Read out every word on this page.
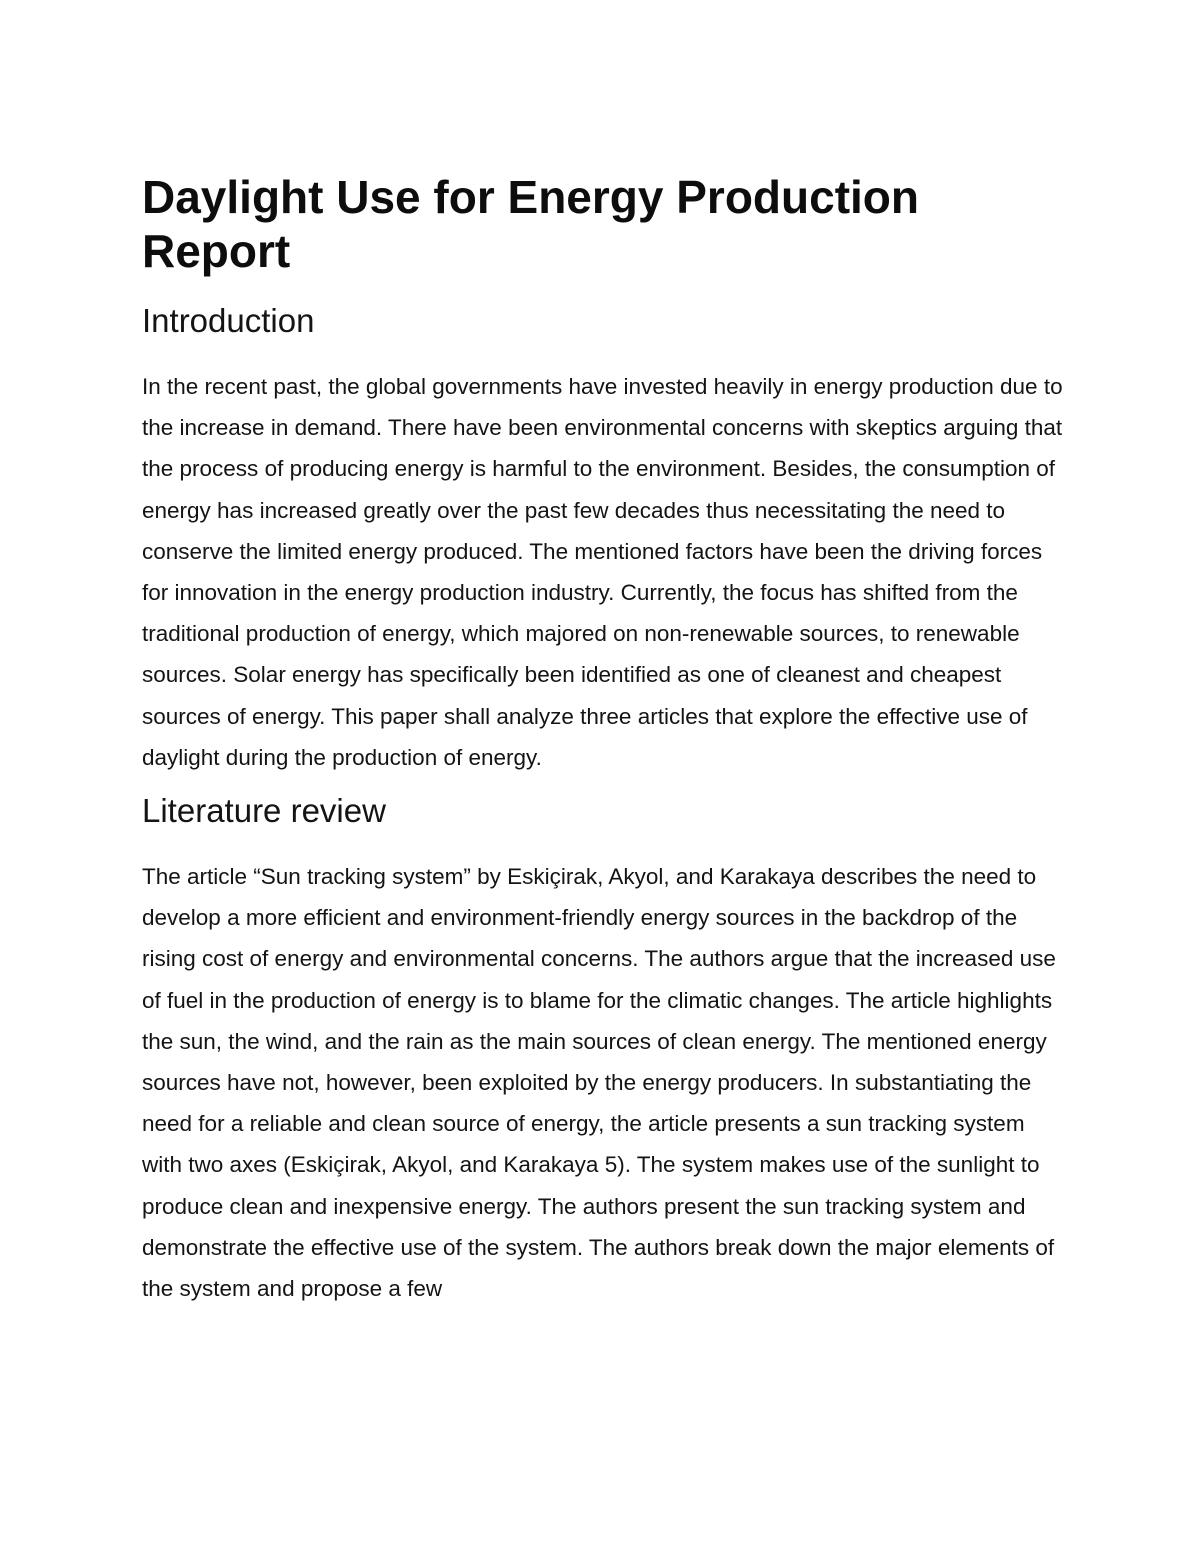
Daylight Use for Energy Production Report
Introduction

In the recent past, the global governments have invested heavily in energy production due to the increase in demand. There have been environmental concerns with skeptics arguing that the process of producing energy is harmful to the environment. Besides, the consumption of energy has increased greatly over the past few decades thus necessitating the need to conserve the limited energy produced. The mentioned factors have been the driving forces for innovation in the energy production industry. Currently, the focus has shifted from the traditional production of energy, which majored on non-renewable sources, to renewable sources. Solar energy has specifically been identified as one of cleanest and cheapest sources of energy. This paper shall analyze three articles that explore the effective use of daylight during the production of energy.

Literature review

The article “Sun tracking system” by Eskiçirak, Akyol, and Karakaya describes the need to develop a more efficient and environment-friendly energy sources in the backdrop of the rising cost of energy and environmental concerns. The authors argue that the increased use of fuel in the production of energy is to blame for the climatic changes. The article highlights the sun, the wind, and the rain as the main sources of clean energy. The mentioned energy sources have not, however, been exploited by the energy producers. In substantiating the need for a reliable and clean source of energy, the article presents a sun tracking system with two axes (Eskiçirak, Akyol, and Karakaya 5). The system makes use of the sunlight to produce clean and inexpensive energy. The authors present the sun tracking system and demonstrate the effective use of the system. The authors break down the major elements of the system and propose a few
